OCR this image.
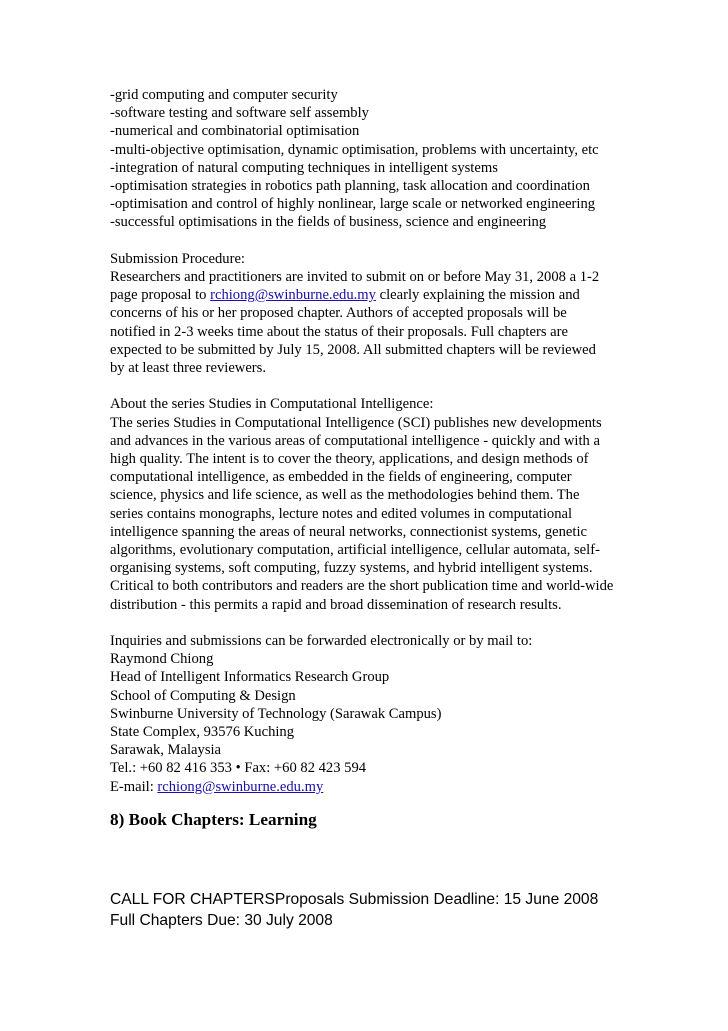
-grid computing and computer security
-software testing and software self assembly
-numerical and combinatorial optimisation
-multi-objective optimisation, dynamic optimisation, problems with uncertainty, etc
-integration of natural computing techniques in intelligent systems
-optimisation strategies in robotics path planning, task allocation and coordination
-optimisation and control of highly nonlinear, large scale or networked engineering
-successful optimisations in the fields of business, science and engineering
Submission Procedure:
Researchers and practitioners are invited to submit on or before May 31, 2008 a 1-2
page proposal to rchiong@swinburne.edu.my clearly explaining the mission and
concerns of his or her proposed chapter. Authors of accepted proposals will be
notified in 2-3 weeks time about the status of their proposals. Full chapters are
expected to be submitted by July 15, 2008. All submitted chapters will be reviewed
by at least three reviewers.
About the series Studies in Computational Intelligence:
The series Studies in Computational Intelligence (SCI) publishes new developments
and advances in the various areas of computational intelligence - quickly and with a
high quality. The intent is to cover the theory, applications, and design methods of
computational intelligence, as embedded in the fields of engineering, computer
science, physics and life science, as well as the methodologies behind them. The
series contains monographs, lecture notes and edited volumes in computational
intelligence spanning the areas of neural networks, connectionist systems, genetic
algorithms, evolutionary computation, artificial intelligence, cellular automata, self-
organising systems, soft computing, fuzzy systems, and hybrid intelligent systems.
Critical to both contributors and readers are the short publication time and world-wide
distribution - this permits a rapid and broad dissemination of research results.
Inquiries and submissions can be forwarded electronically or by mail to:
Raymond Chiong
Head of Intelligent Informatics Research Group
School of Computing & Design
Swinburne University of Technology (Sarawak Campus)
State Complex, 93576 Kuching
Sarawak, Malaysia
Tel.: +60 82 416 353 • Fax: +60 82 423 594
E-mail: rchiong@swinburne.edu.my
8) Book Chapters: Learning
CALL FOR CHAPTERSProposals Submission Deadline: 15 June 2008
Full Chapters Due: 30 July 2008
